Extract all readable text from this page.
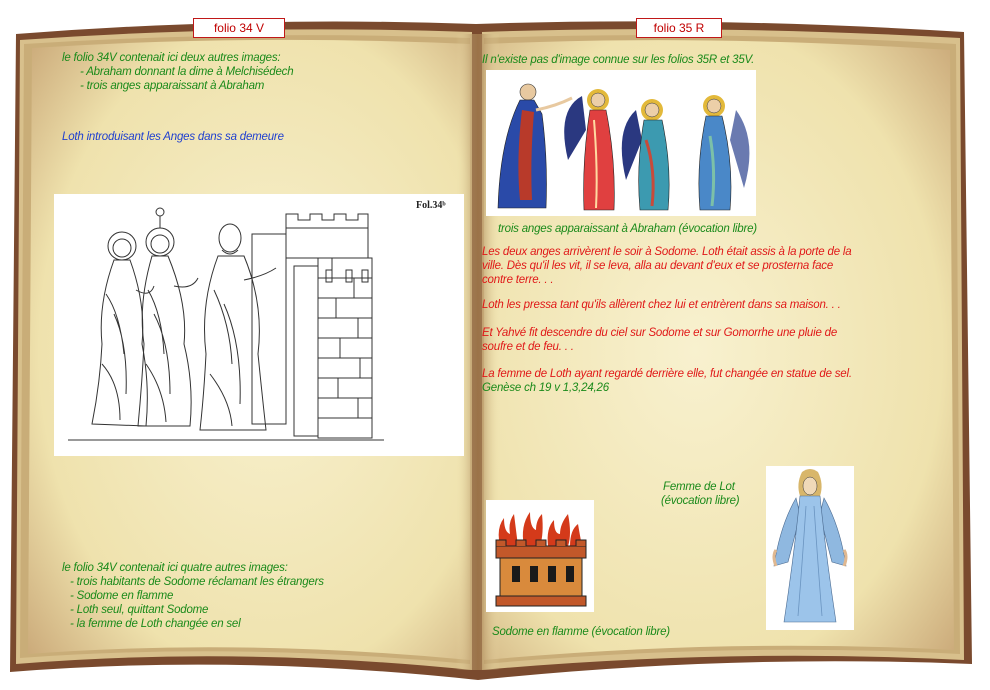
folio 34 V	folio 35 R
le folio 34V contenait ici deux autres images:
- Abraham donnant la dime à Melchisédech
- trois anges apparaissant à Abraham
Loth introduisant les Anges dans sa demeure
Fol.34ᵇ
le folio 34V contenait ici quatre autres images:
- trois habitants de Sodome réclamant les étrangers
- Sodome en flamme
- Loth seul, quittant Sodome
- la femme de Loth changée en sel
Il n'existe pas d'image connue sur les folios 35R et 35V.
trois anges apparaissant à Abraham (évocation libre)
Les deux anges arrivèrent le soir à Sodome. Loth était assis à la porte de la
ville. Dès qu'il les vit, il se leva, alla au devant d'eux et se prosterna face
contre terre. . .
Loth les pressa tant qu'ils allèrent chez lui et entrèrent dans sa maison. . .
Et Yahvé fit descendre du ciel sur Sodome et sur Gomorrhe une pluie de
soufre et de feu. . .
La femme de Loth ayant regardé derrière elle, fut changée en statue de sel.
Genèse ch 19 v 1,3,24,26
Femme de Lot
(évocation libre)
Sodome en flamme (évocation libre)
